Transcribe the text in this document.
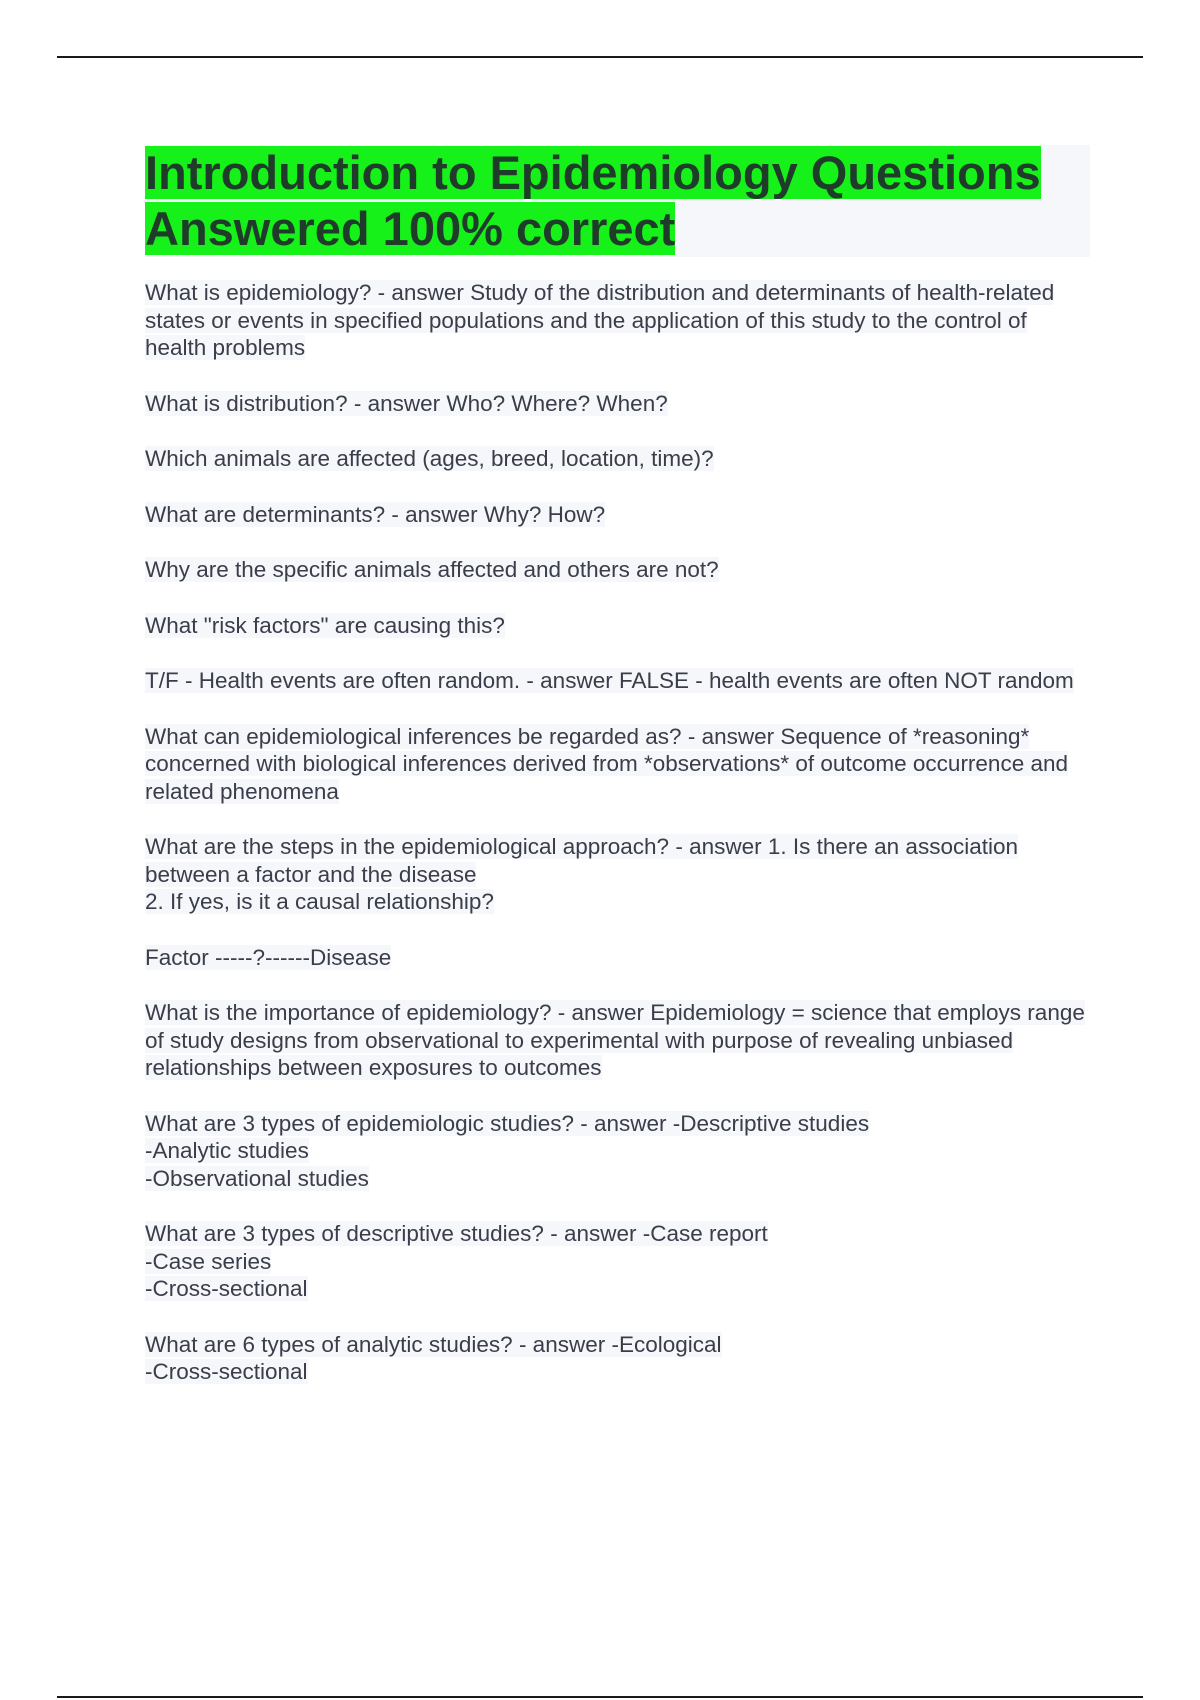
Introduction to Epidemiology Questions Answered 100% correct

What is epidemiology? - answer Study of the distribution and determinants of health-related states or events in specified populations and the application of this study to the control of health problems

What is distribution? - answer Who? Where? When?

Which animals are affected (ages, breed, location, time)?

What are determinants? - answer Why? How?

Why are the specific animals affected and others are not?

What "risk factors" are causing this?

T/F - Health events are often random. - answer FALSE - health events are often NOT random

What can epidemiological inferences be regarded as? - answer Sequence of *reasoning* concerned with biological inferences derived from *observations* of outcome occurrence and related phenomena

What are the steps in the epidemiological approach? - answer 1. Is there an association between a factor and the disease
2. If yes, is it a causal relationship?

Factor -----?------Disease

What is the importance of epidemiology? - answer Epidemiology = science that employs range of study designs from observational to experimental with purpose of revealing unbiased relationships between exposures to outcomes

What are 3 types of epidemiologic studies? - answer -Descriptive studies
-Analytic studies
-Observational studies

What are 3 types of descriptive studies? - answer -Case report
-Case series
-Cross-sectional

What are 6 types of analytic studies? - answer -Ecological
-Cross-sectional
